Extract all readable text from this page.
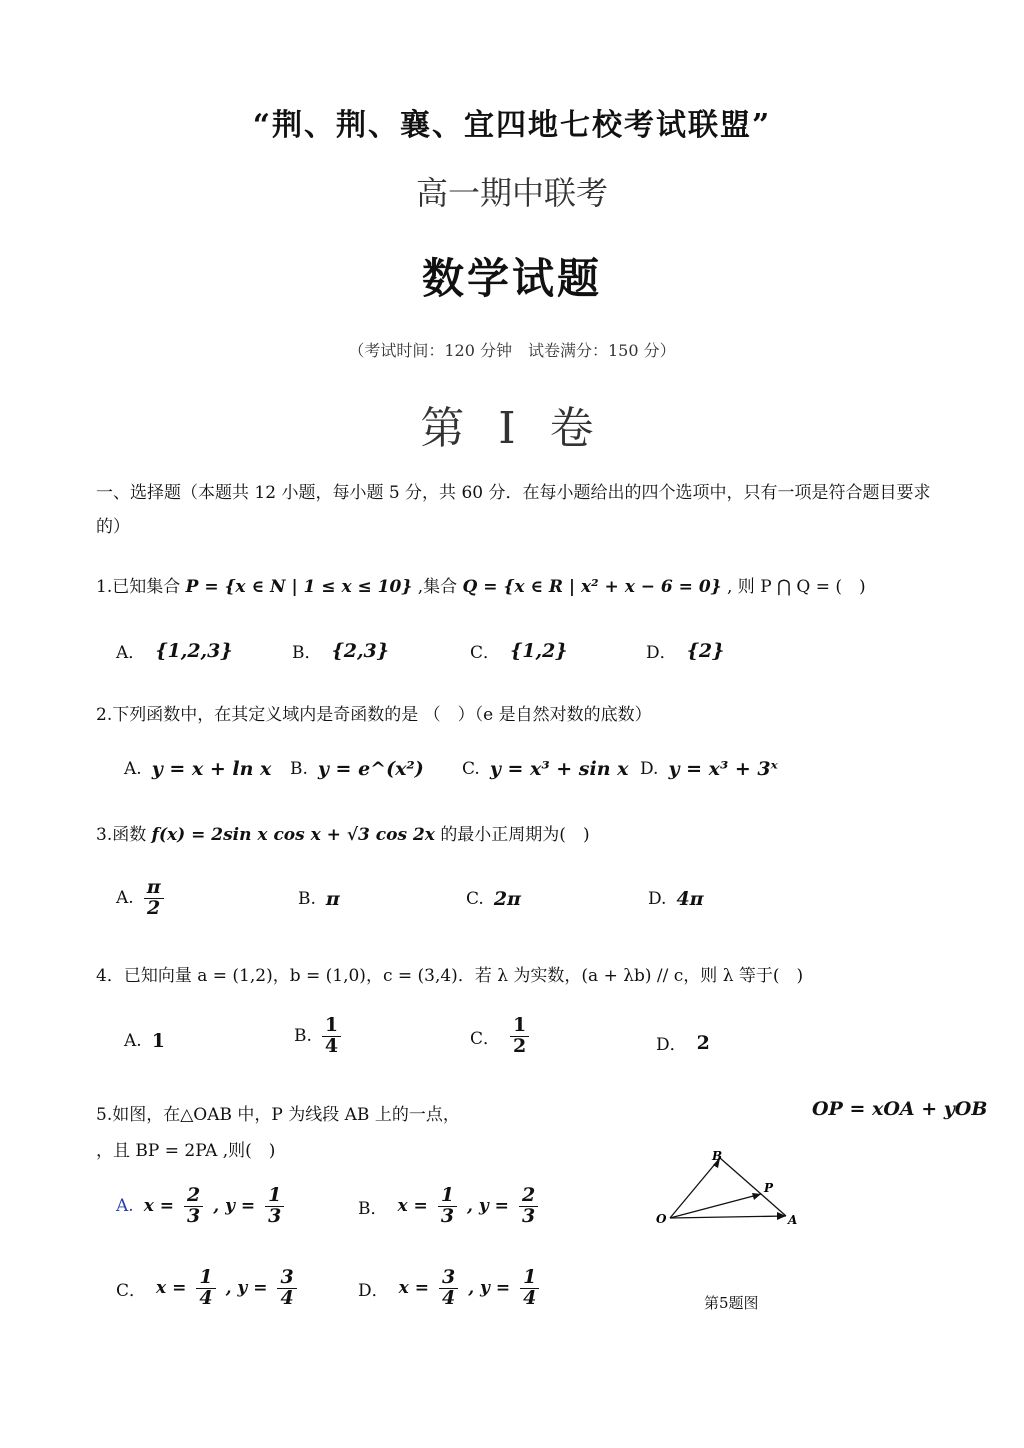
“荆、荆、襄、宜四地七校考试联盟”
高一期中联考
数学试题
（考试时间：120 分钟　试卷满分：150 分）
第 I 卷
一、选择题（本题共 12 小题，每小题 5 分，共 60 分．在每小题给出的四个选项中，只有一项是符合题目要求的）
1.已知集合 P = {x ∈ N | 1 ≤ x ≤ 10} ,集合 Q = {x ∈ R | x² + x − 6 = 0} , 则 P ⋂ Q = (　)
A． {1,2,3}	B． {2,3}	C． {1,2}	D． {2}
2.下列函数中，在其定义域内是奇函数的是 （　）（e 是自然对数的底数）
A. y = x + ln x B. y = e^(x²) C. y = x³ + sin x D. y = x³ + 3ˣ
3.函数 f(x) = 2sin x cos x + √3 cos 2x 的最小正周期为(　)
A. $\frac{\pi}{2}$	B. π	C. 2π	D. 4π
4．已知向量 a = (1,2)，b = (1,0)，c = (3,4)．若 λ 为实数，(a + λb) // c，则 λ 等于(　)
A. 1	B. $\frac{1}{4}$	C． $\frac{1}{2}$	D． 2
5.如图，在△OAB 中，P 为线段 AB 上的一点，	OP = xOA + yOB
，且 BP = 2PA ,则(　)
A. $x = \frac{2}{3}$ , $y = \frac{1}{3}$	B． $x = \frac{1}{3}$ , $y = \frac{2}{3}$
C． $x = \frac{1}{4}$ , $y = \frac{3}{4}$	D． $x = \frac{3}{4}$ , $y = \frac{1}{4}$
B
P
O	A
第5题图
